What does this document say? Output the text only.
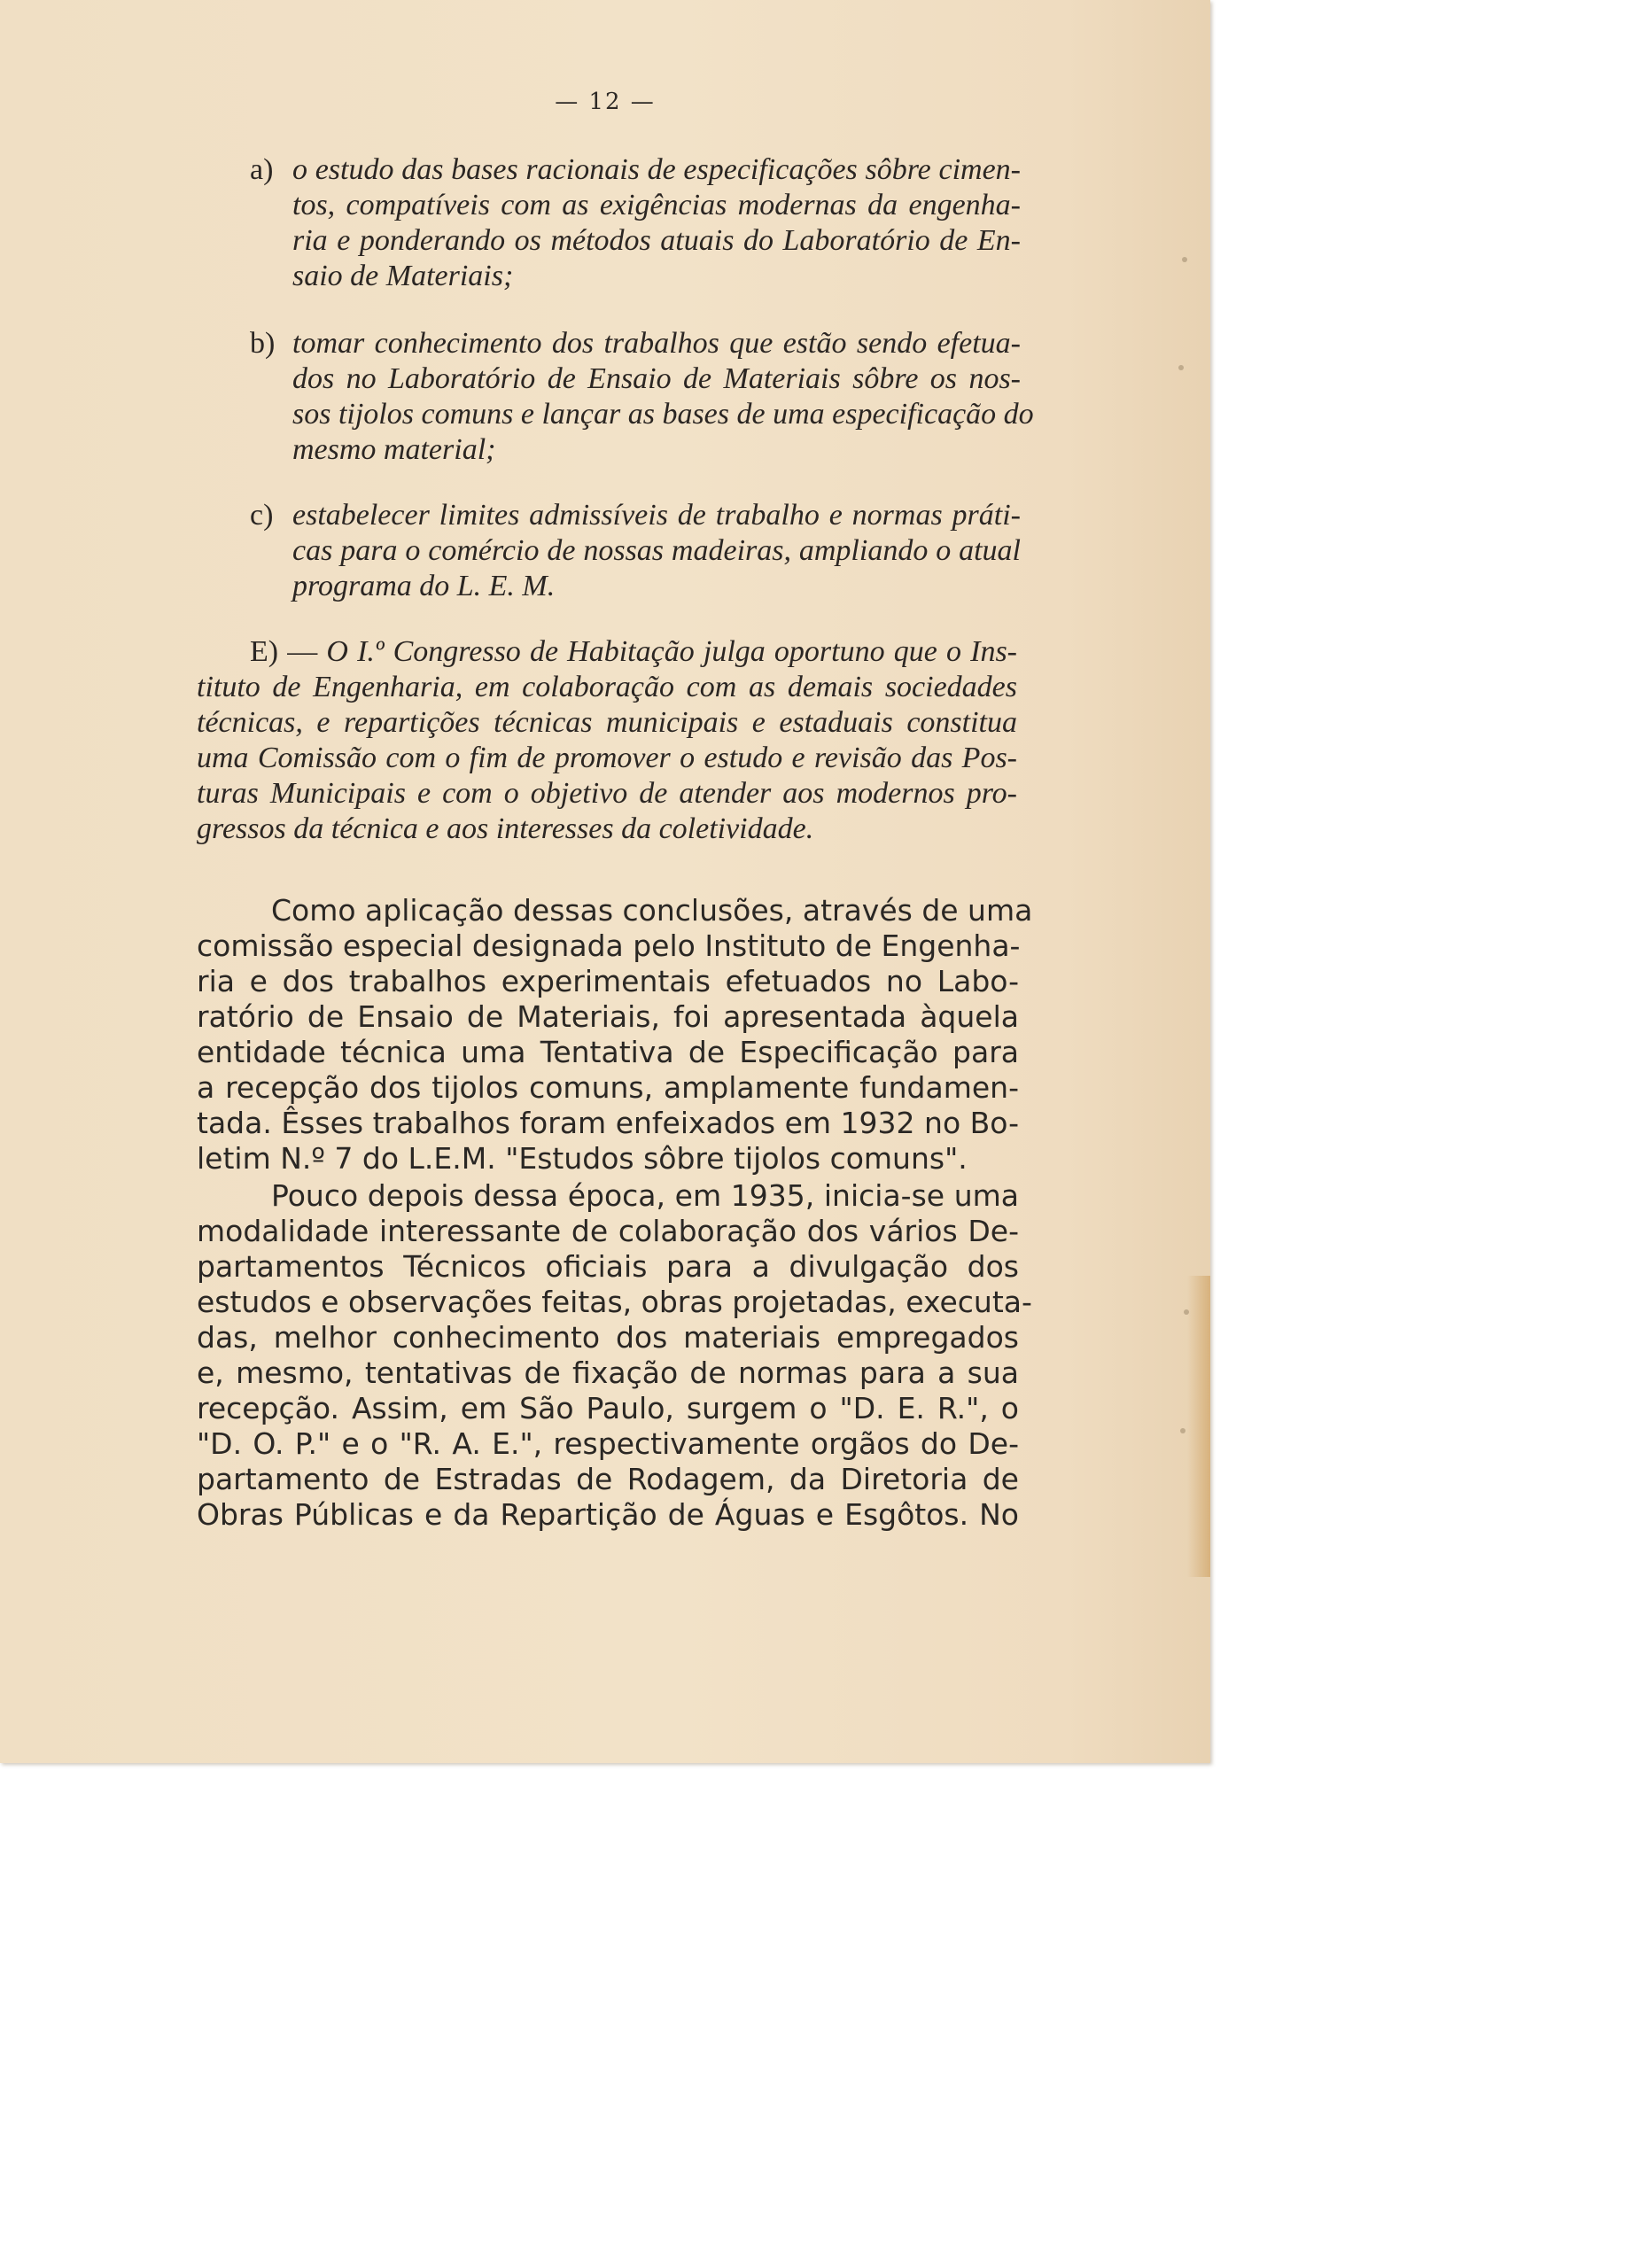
— 12 —
a) o estudo das bases racionais de especificações sôbre cimen-
tos, compatíveis com as exigências modernas da engenha-
ria e ponderando os métodos atuais do Laboratório de En-
saio de Materiais;
b) tomar conhecimento dos trabalhos que estão sendo efetua-
dos no Laboratório de Ensaio de Materiais sôbre os nos-
sos tijolos comuns e lançar as bases de uma especificação do
mesmo material;
c) estabelecer limites admissíveis de trabalho e normas práti-
cas para o comércio de nossas madeiras, ampliando o atual
programa do L. E. M.
E) — O I.º Congresso de Habitação julga oportuno que o Ins-
tituto de Engenharia, em colaboração com as demais sociedades
técnicas, e repartições técnicas municipais e estaduais constitua
uma Comissão com o fim de promover o estudo e revisão das Pos-
turas Municipais e com o objetivo de atender aos modernos pro-
gressos da técnica e aos interesses da coletividade.
Como aplicação dessas conclusões, através de uma
comissão especial designada pelo Instituto de Engenha-
ria e dos trabalhos experimentais efetuados no Labo-
ratório de Ensaio de Materiais, foi apresentada àquela
entidade técnica uma Tentativa de Especificação para
a recepção dos tijolos comuns, amplamente fundamen-
tada. Êsses trabalhos foram enfeixados em 1932 no Bo-
letim N.º 7 do L.E.M. "Estudos sôbre tijolos comuns".
Pouco depois dessa época, em 1935, inicia-se uma
modalidade interessante de colaboração dos vários De-
partamentos Técnicos oficiais para a divulgação dos
estudos e observações feitas, obras projetadas, executa-
das, melhor conhecimento dos materiais empregados
e, mesmo, tentativas de fixação de normas para a sua
recepção. Assim, em São Paulo, surgem o "D. E. R.", o
"D. O. P." e o "R. A. E.", respectivamente orgãos do De-
partamento de Estradas de Rodagem, da Diretoria de
Obras Públicas e da Repartição de Águas e Esgôtos. No
